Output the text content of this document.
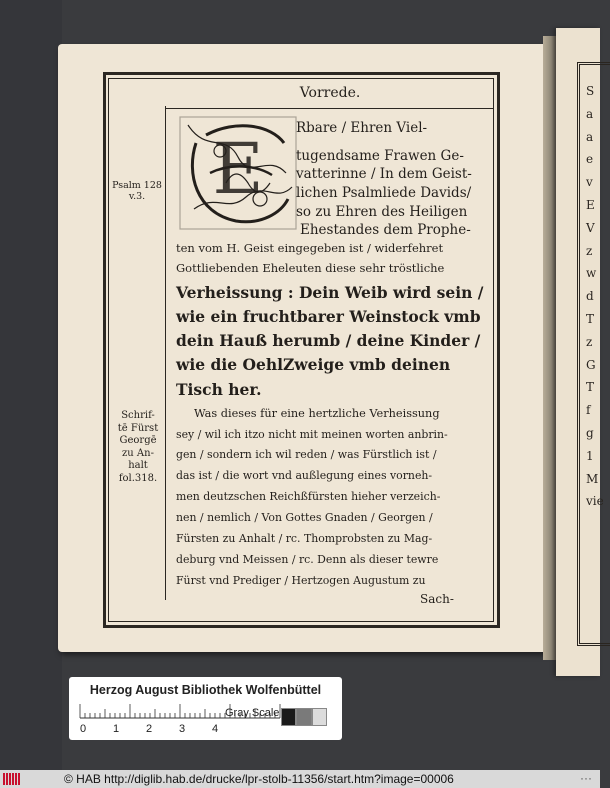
S
a
a
e
v
E
V
z
w
d
T
z
G
T
f
g
1
M
vie
Vorrede.
Psalm 128
v.3.
Schrif-
tē Fürst
Georgē
zu An-
halt
fol.318.
E Rbare / Ehren Viel-
tugendsame Frawen Ge-
vatterinne / In dem Geist-
lichen Psalmliede Davids/
so zu Ehren des Heiligen
Ehestandes dem Prophe-
ten vom H. Geist eingegeben ist / widerfehret
Gottliebenden Eheleuten diese sehr tröstliche
Verheissung : Dein Weib wird sein /
wie ein fruchtbarer Weinstock vmb
dein Hauß herumb / deine Kinder /
wie die OehlZweige vmb deinen
Tisch her.
Was dieses für eine hertzliche Verheissung
sey / wil ich itzo nicht mit meinen worten anbrin-
gen / sondern ich wil reden / was Fürstlich ist /
das ist / die wort vnd außlegung eines vorneh-
men deutzschen Reichßfürsten hieher verzeich-
nen / nemlich / Von Gottes Gnaden / Georgen /
Fürsten zu Anhalt / rc. Thomprobsten zu Mag-
deburg vnd Meissen / rc. Denn als dieser tewre
Fürst vnd Prediger / Hertzogen Augustum zu
Sach-
Herzog August Bibliothek Wolfenbüttel
Gray Scale
0 1 2 3 4
© HAB http://diglib.hab.de/drucke/lpr-stolb-11356/start.htm?image=00006	···
